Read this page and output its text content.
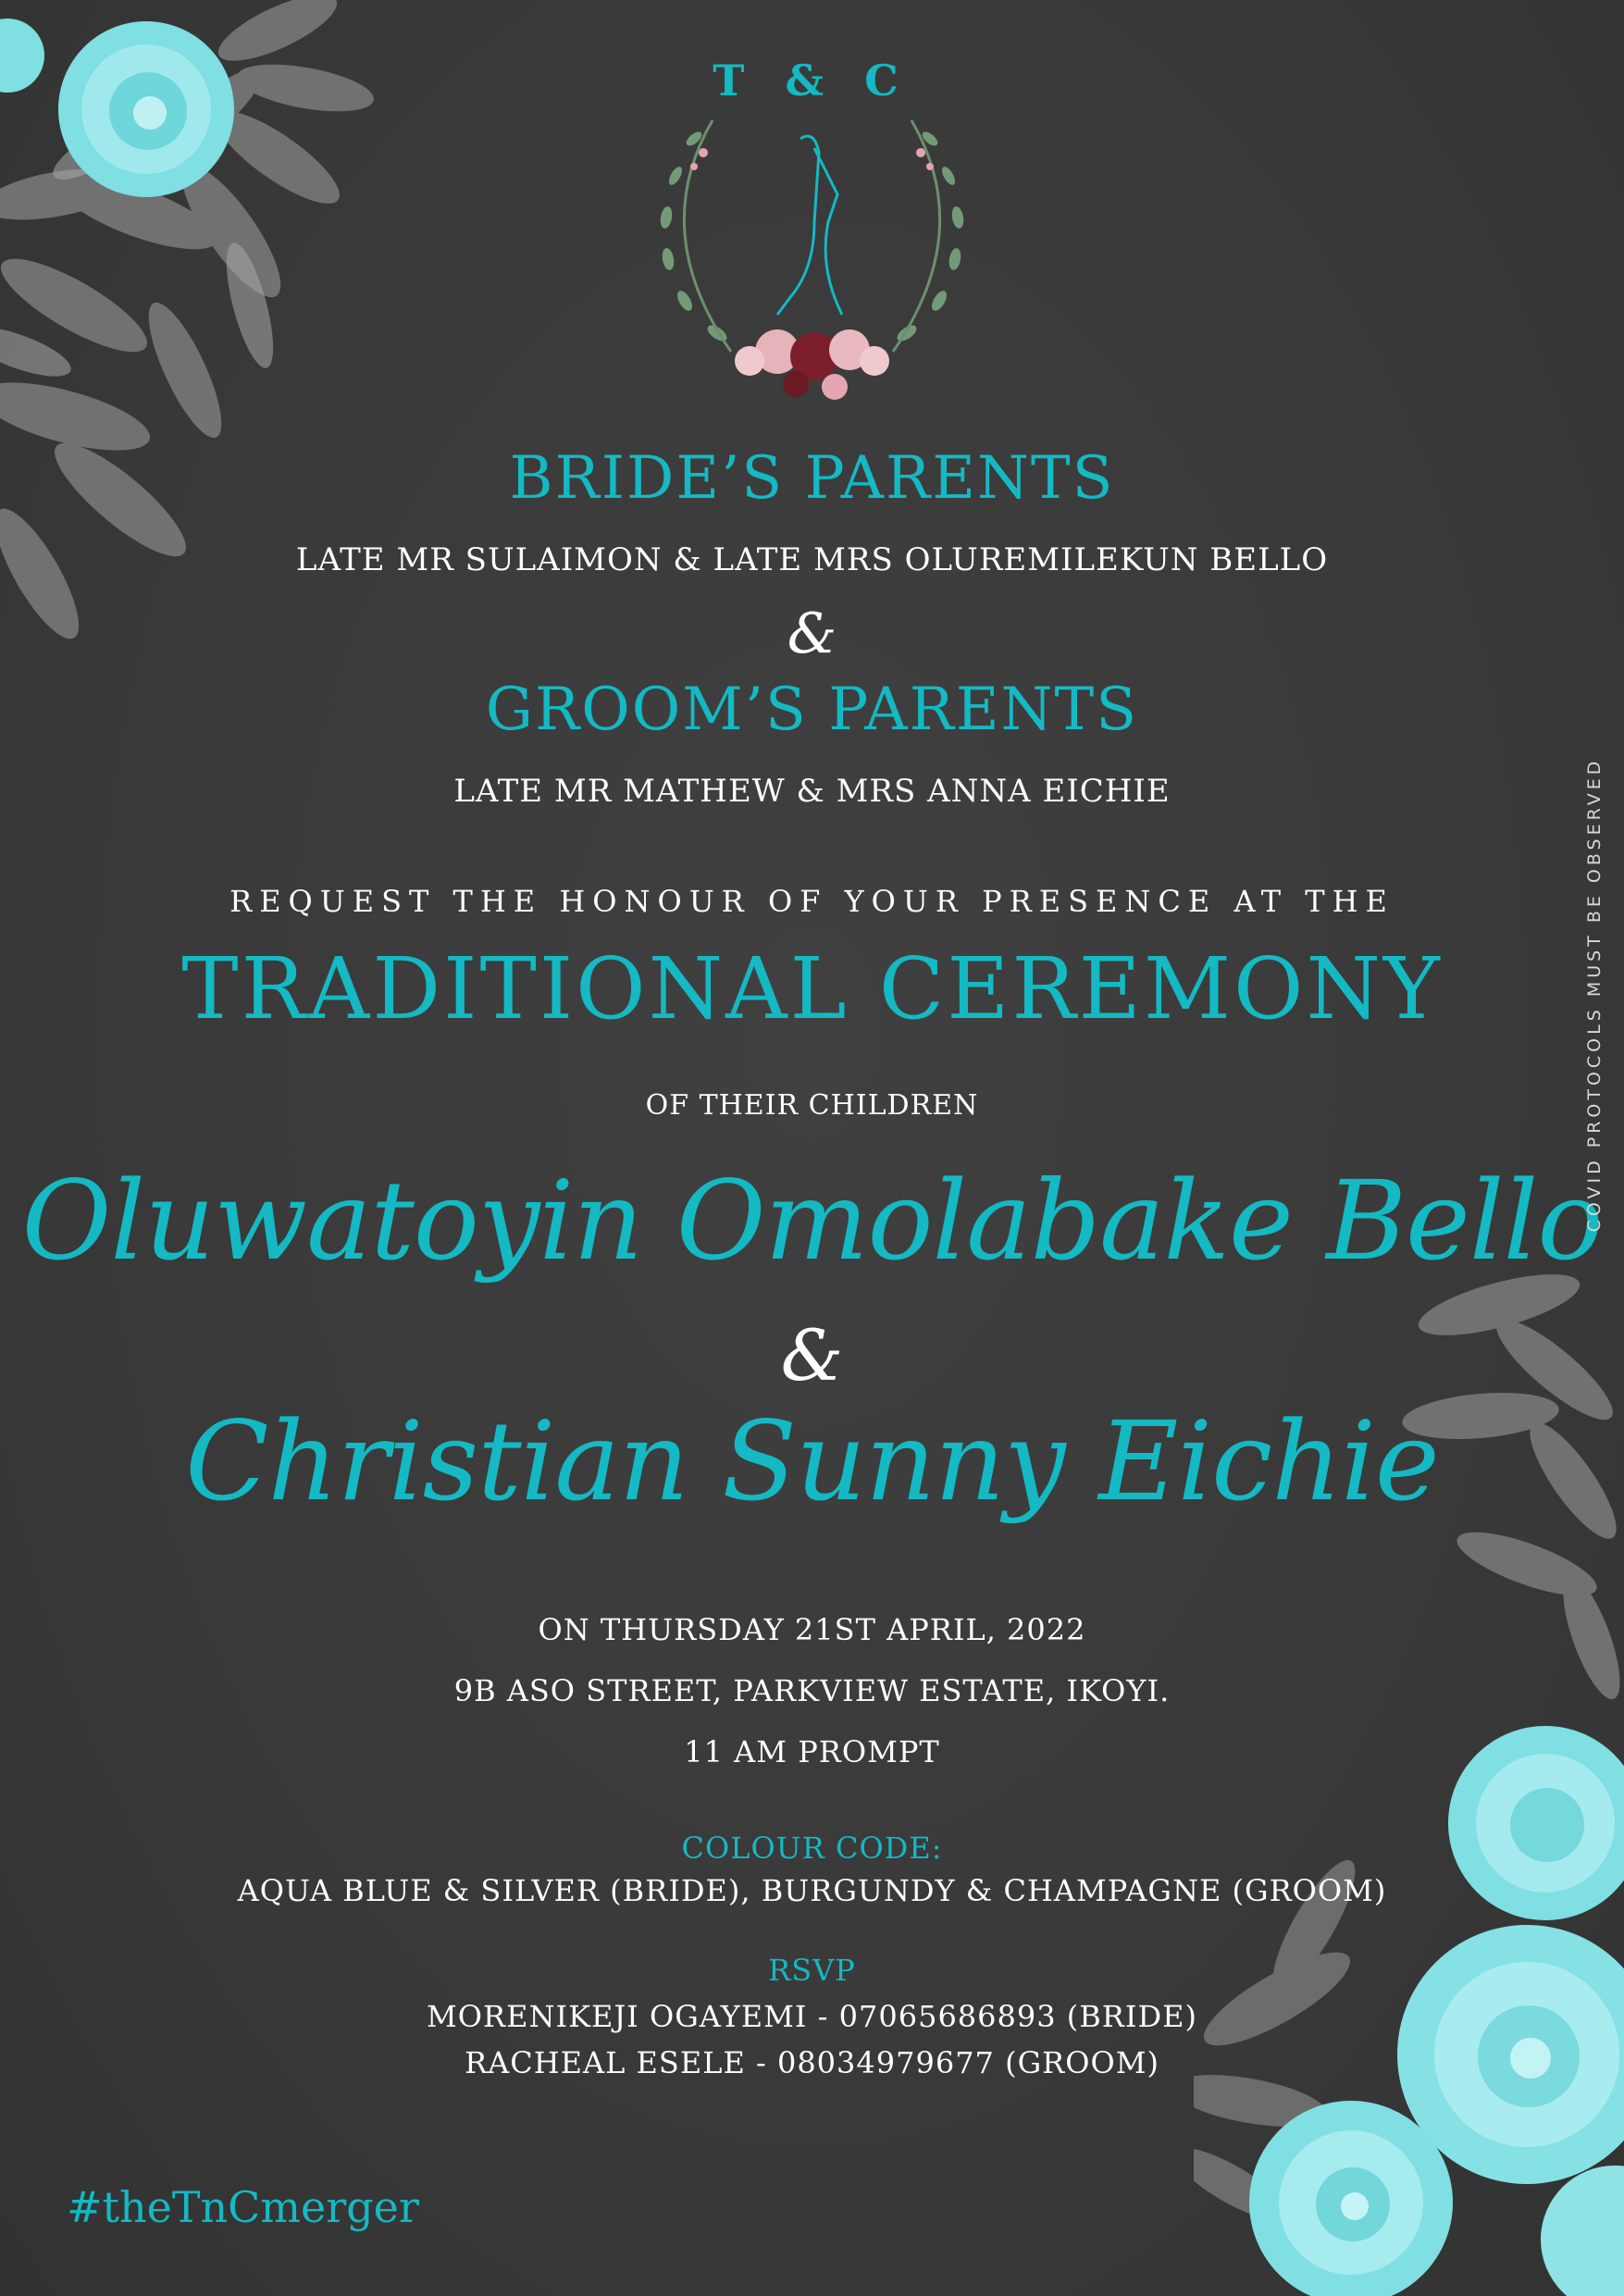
T & C
BRIDE’S PARENTS
LATE MR SULAIMON & LATE MRS OLUREMILEKUN BELLO
&
GROOM’S PARENTS
LATE MR MATHEW & MRS ANNA EICHIE
REQUEST THE HONOUR OF YOUR PRESENCE AT THE
TRADITIONAL CEREMONY
OF THEIR CHILDREN
Oluwatoyin Omolabake Bello
&
Christian Sunny Eichie
ON THURSDAY 21ST APRIL, 2022
9B ASO STREET, PARKVIEW ESTATE, IKOYI.
11 AM PROMPT
COLOUR CODE:
AQUA BLUE & SILVER (BRIDE), BURGUNDY & CHAMPAGNE (GROOM)
RSVP
MORENIKEJI OGAYEMI - 07065686893 (BRIDE)
RACHEAL ESELE - 08034979677 (GROOM)
#theTnCmerger
COVID PROTOCOLS MUST BE OBSERVED
